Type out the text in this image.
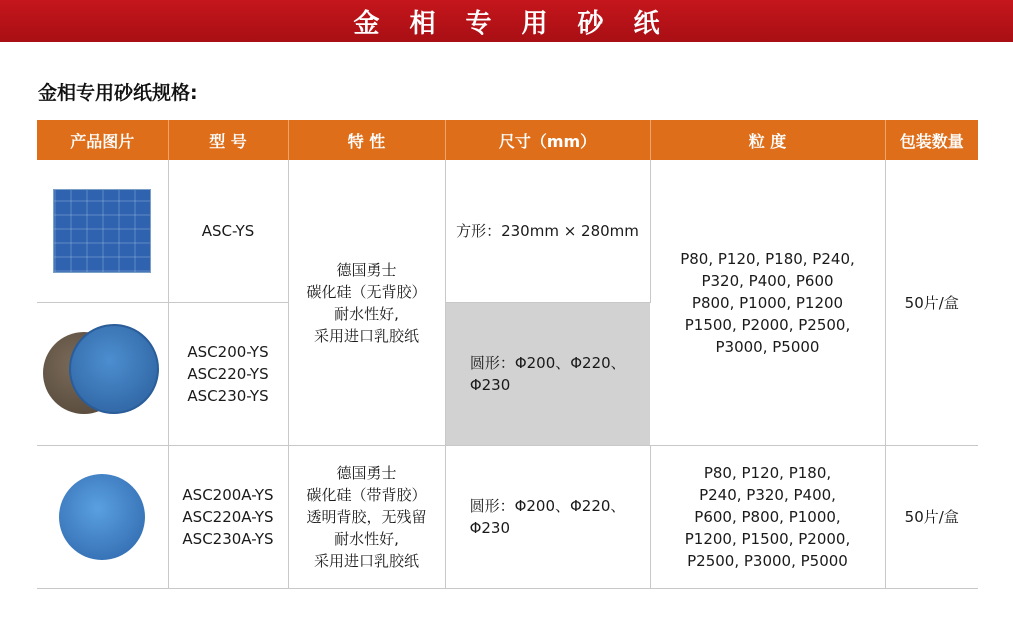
金相专用砂纸
金相专用砂纸规格:
产品图片	型 号	特 性	尺寸（mm）	粒 度	包装数量

	ASC-YS	德国勇士
碳化硅（无背胶）
耐水性好,
采用进口乳胶纸	方形：230mm × 280mm	P80, P120, P180, P240,
P320, P400, P600
P800, P1000, P1200
P1500, P2000, P2500,
P3000, P5000	50片/盒

	ASC200-YS
ASC220-YS
ASC230-YS		圆形：Φ200、Φ220、
Φ230		

	ASC200A-YS
ASC220A-YS
ASC230A-YS	德国勇士
碳化硅（带背胶）
透明背胶，无残留
耐水性好,
采用进口乳胶纸	圆形：Φ200、Φ220、
Φ230	P80, P120, P180,
P240, P320, P400,
P600, P800, P1000,
P1200, P1500, P2000,
P2500, P3000, P5000	50片/盒
